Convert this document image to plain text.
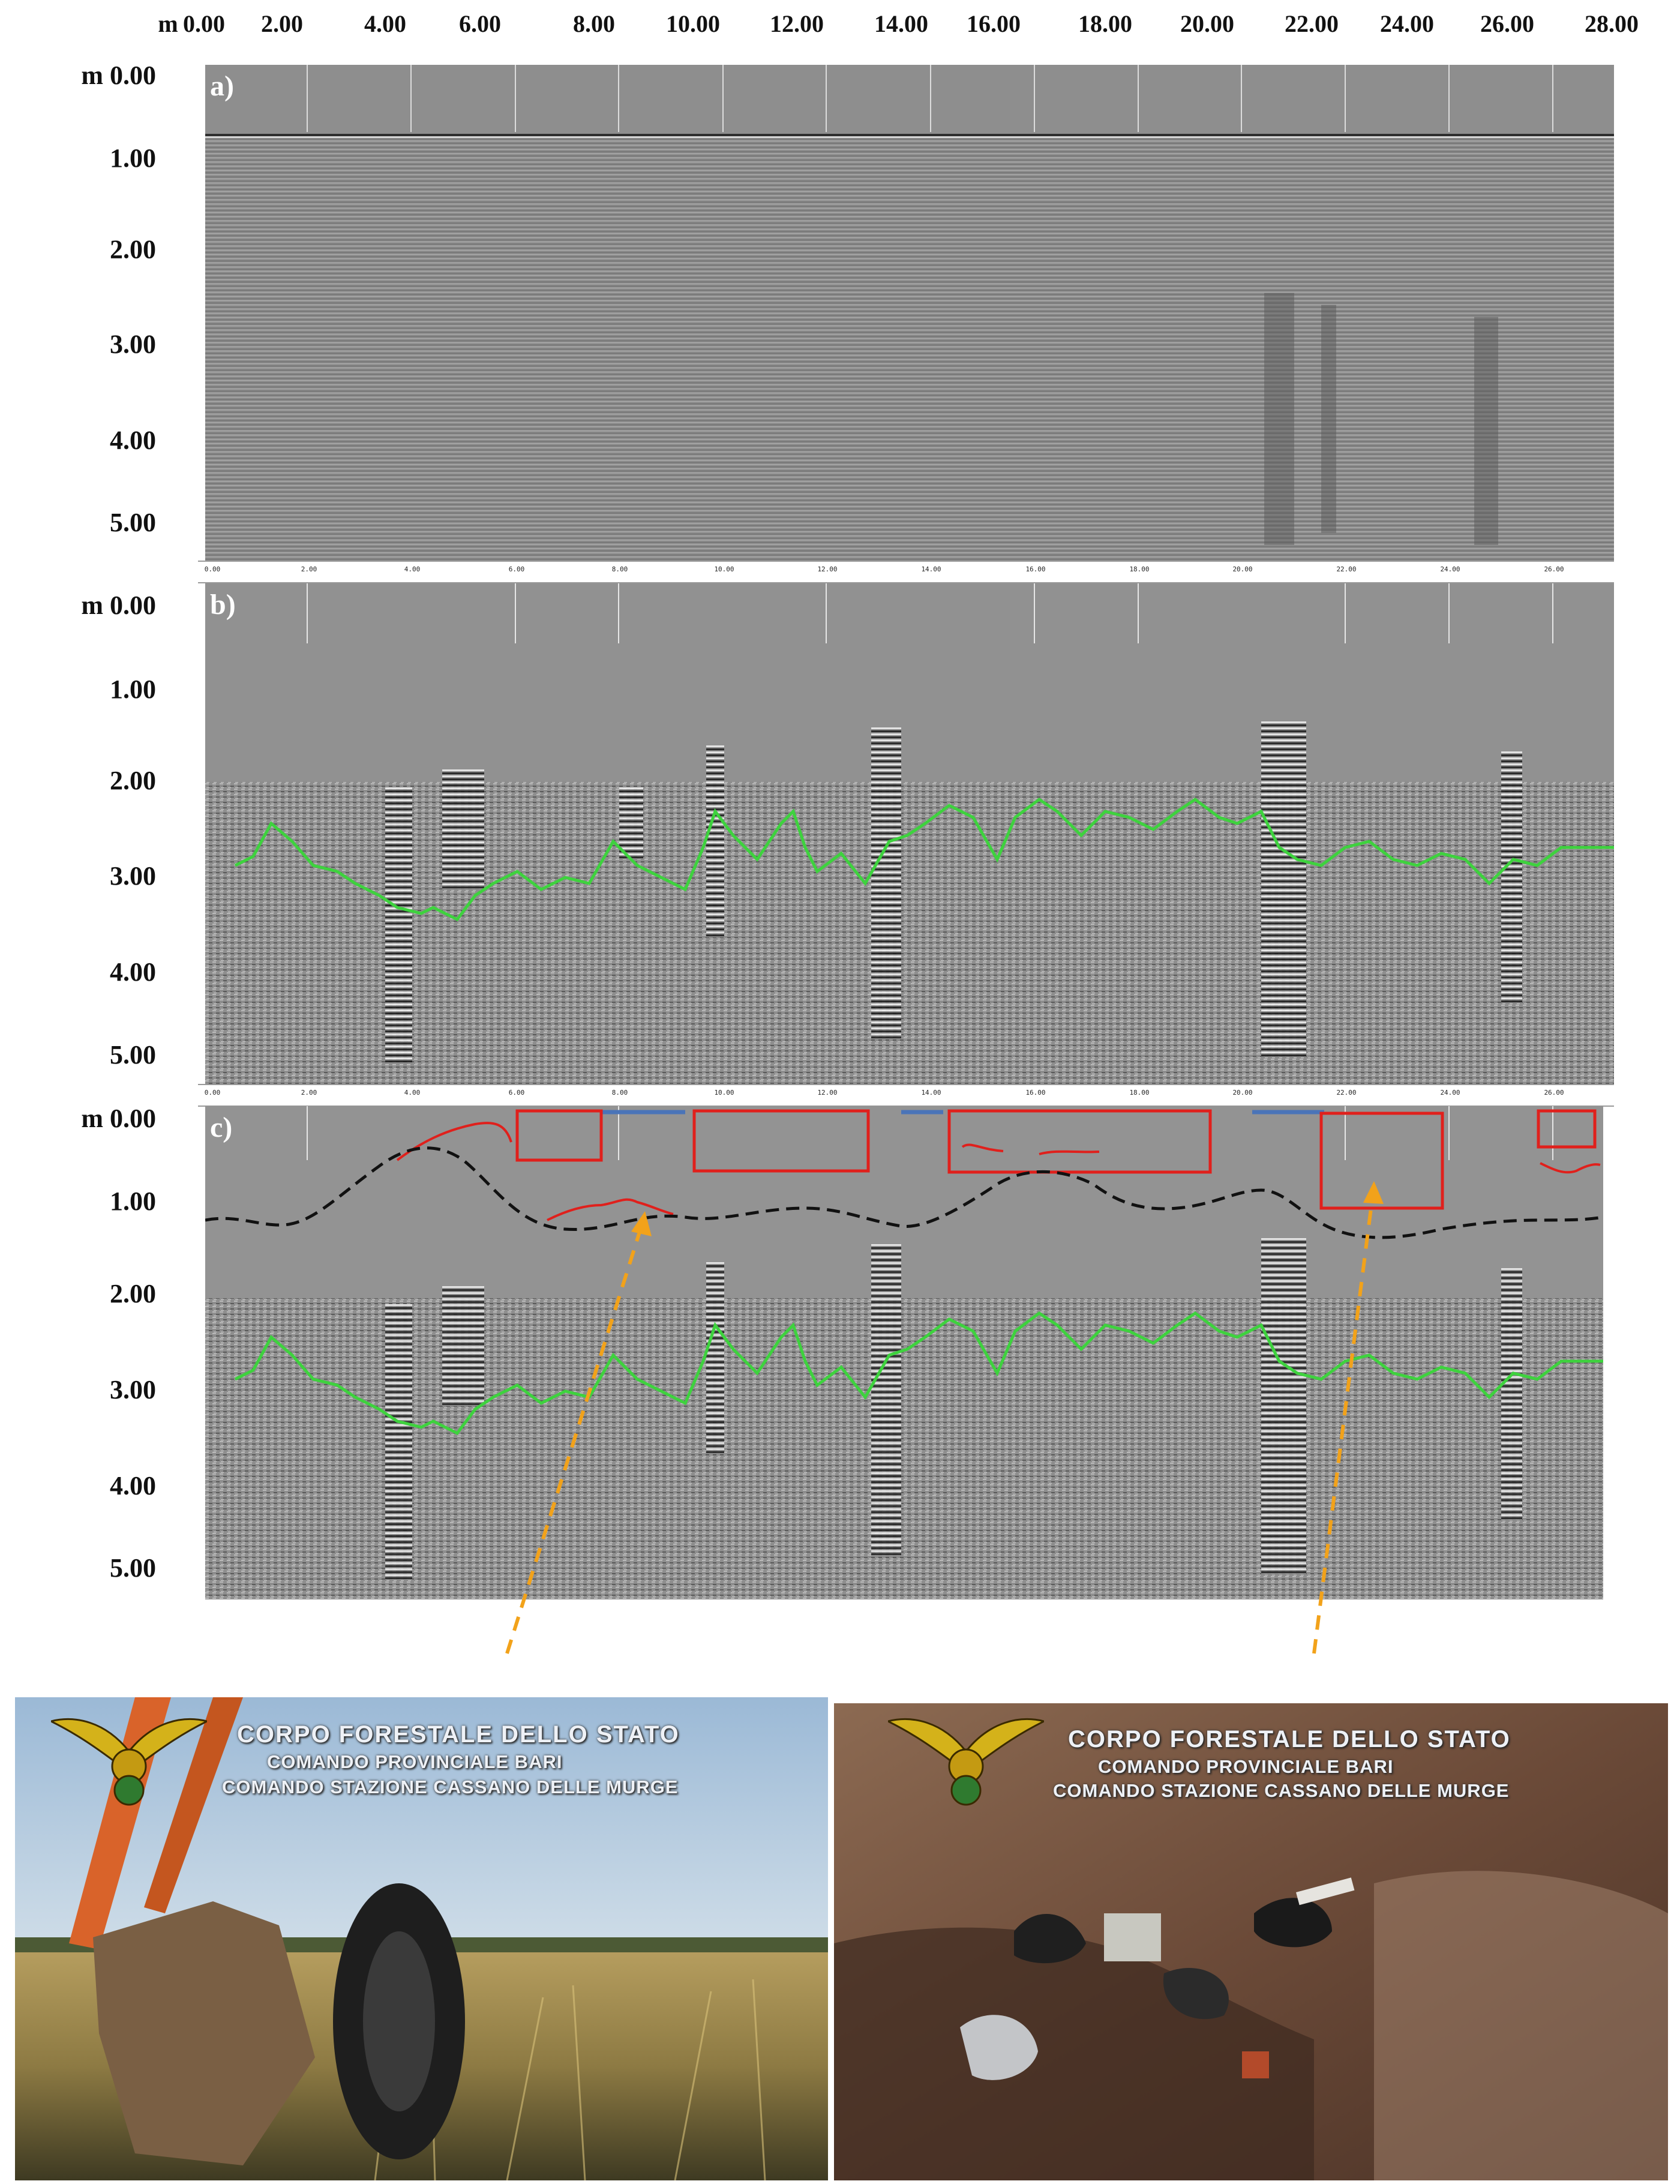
m 0.00 2.00	4.00 6.00	8.00 10.00 12.00 14.00 16.00 18.00 20.00 22.00 24.00 26.00 28.00
m 0.00
1.00
2.00
3.00
4.00
5.00
a)
0.00	2.00	4.00	6.00	8.00	10.00	12.00	14.00	16.00	18.00	20.00	22.00	24.00	26.00
m 0.00
1.00
2.00
3.00
4.00
5.00
b)
0.00	2.00	4.00	6.00	8.00	10.00	12.00	14.00	16.00	18.00	20.00	22.00	24.00	26.00
m 0.00
1.00
2.00
3.00
4.00
5.00
c)
CORPO FORESTALE DELLO STATO
COMANDO PROVINCIALE BARI
COMANDO STAZIONE CASSANO DELLE MURGE
CORPO FORESTALE DELLO STATO
COMANDO PROVINCIALE BARI
COMANDO STAZIONE CASSANO DELLE MURGE
